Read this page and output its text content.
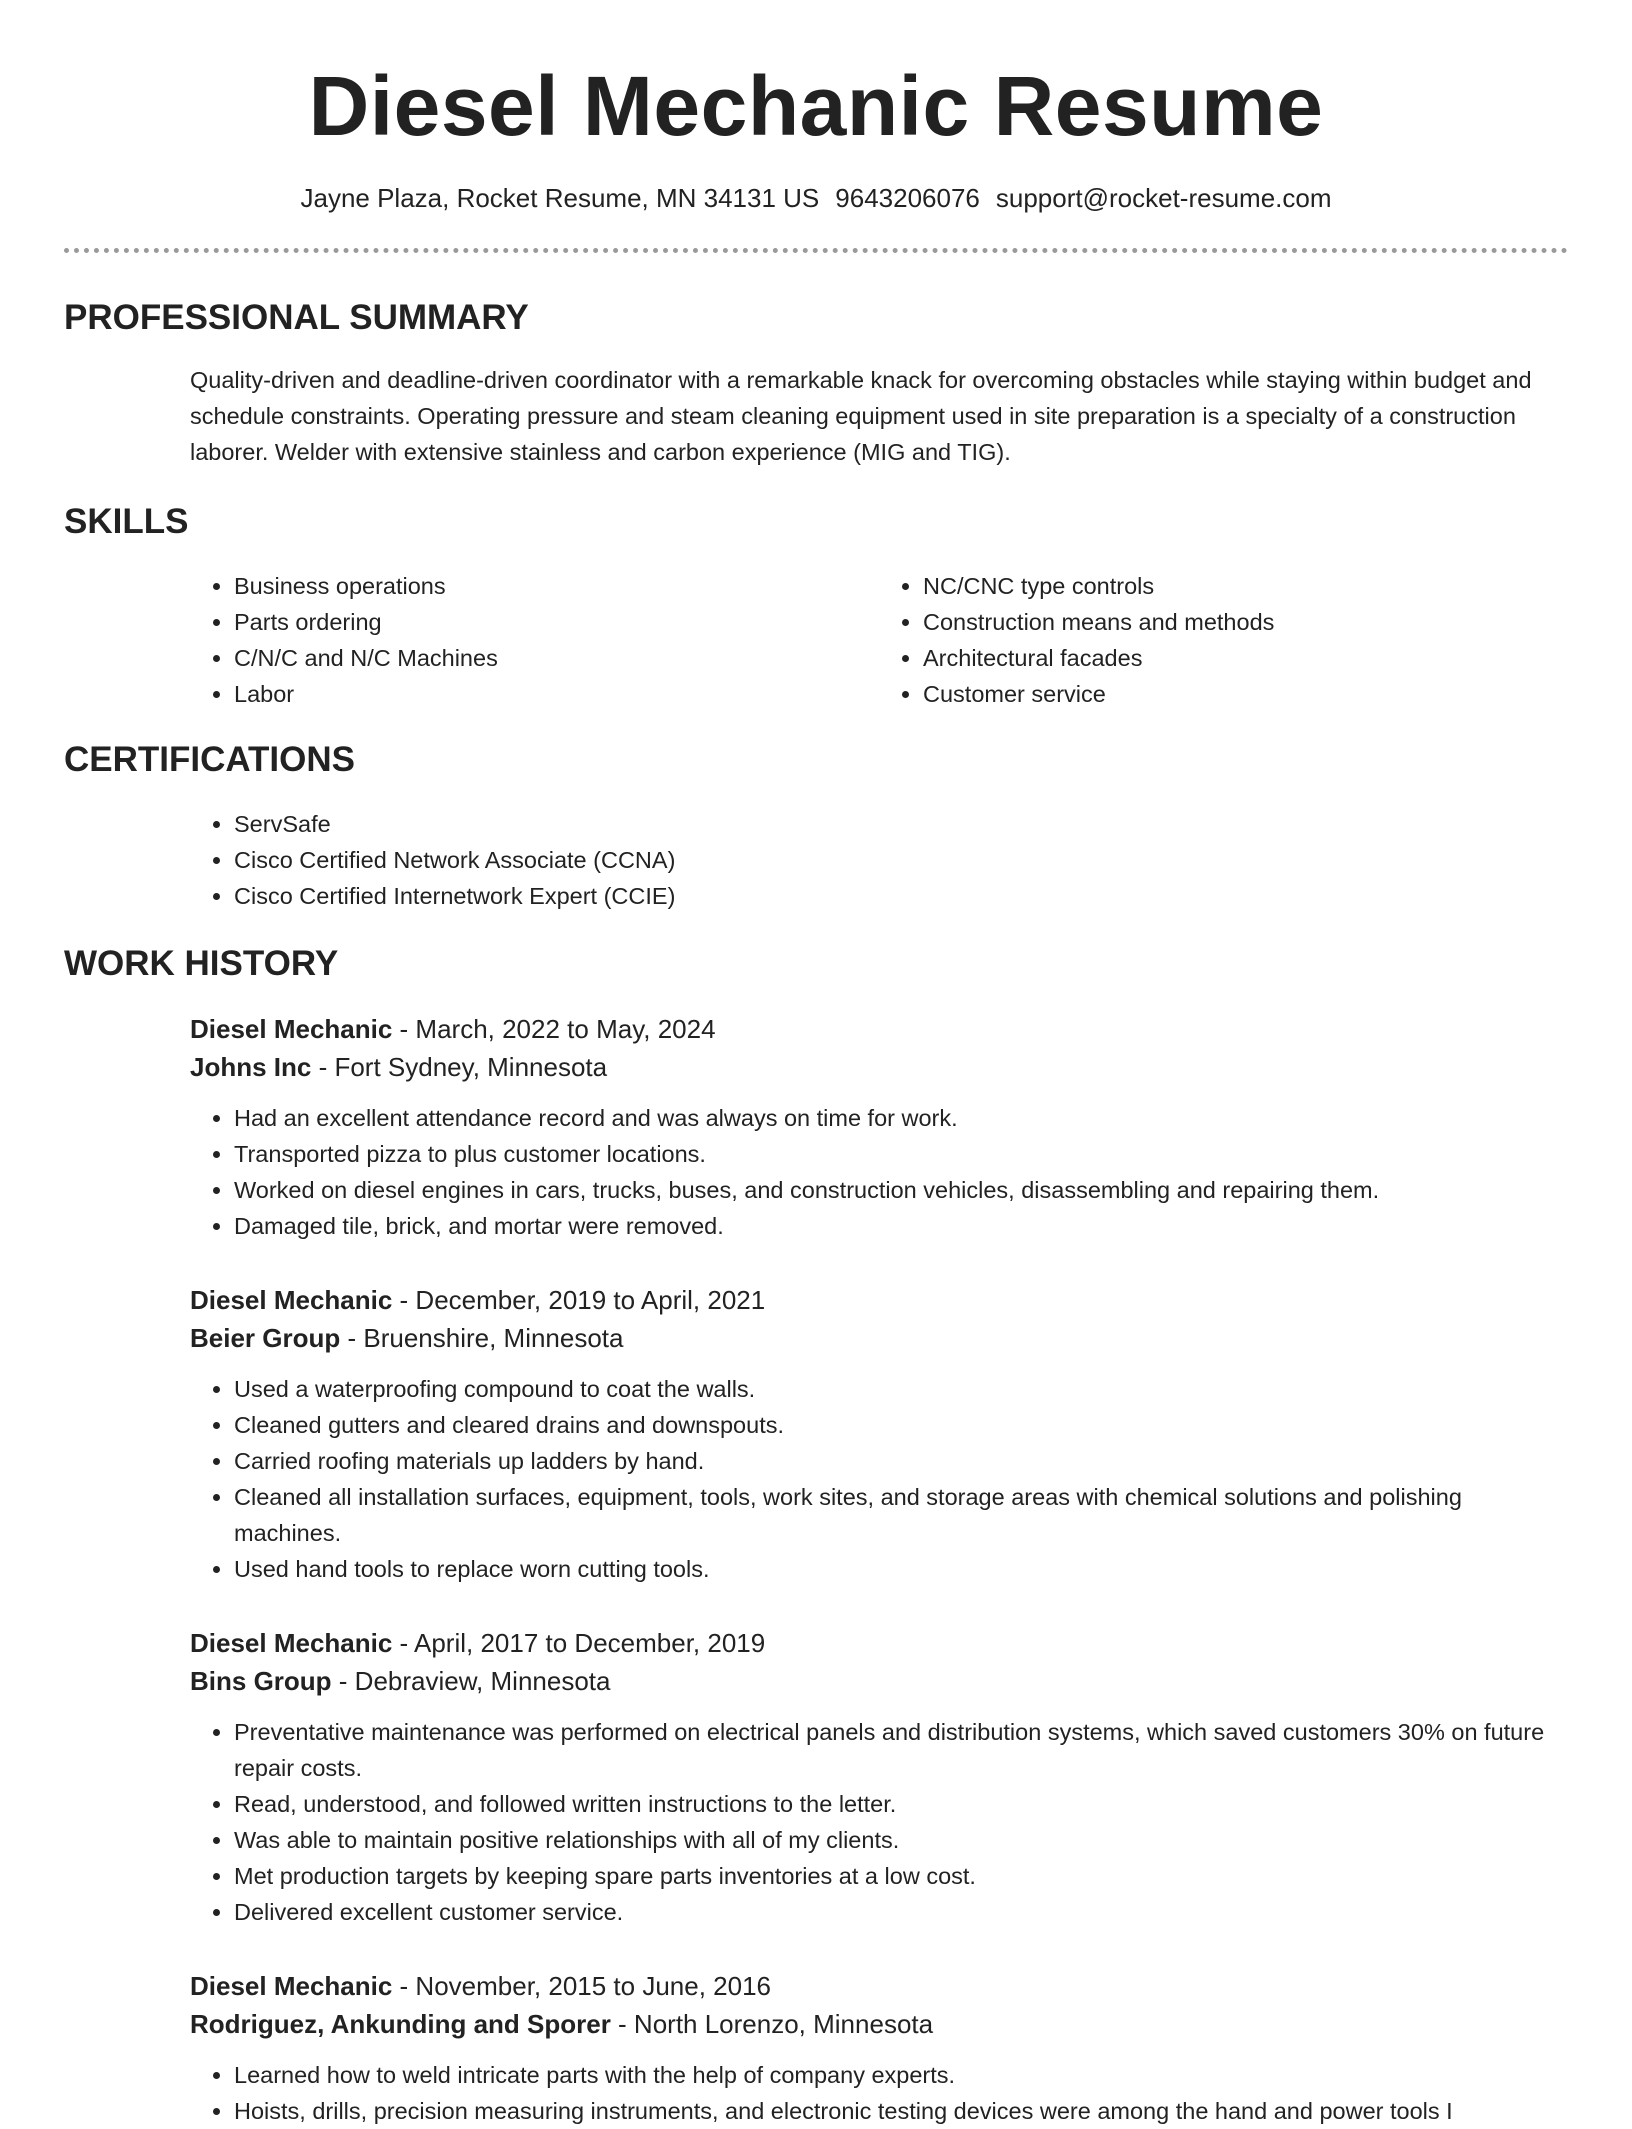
Diesel Mechanic Resume
Jayne Plaza, Rocket Resume, MN 34131 US 9643206076 support@rocket-resume.com
PROFESSIONAL SUMMARY

Quality-driven and deadline-driven coordinator with a remarkable knack for overcoming obstacles while staying within budget and schedule constraints. Operating pressure and steam cleaning equipment used in site preparation is a specialty of a construction laborer. Welder with extensive stainless and carbon experience (MIG and TIG).

SKILLS
• Business operations
• Parts ordering
• C/N/C and N/C Machines
• Labor
• NC/CNC type controls
• Construction means and methods
• Architectural facades
• Customer service
CERTIFICATIONS
• ServSafe
• Cisco Certified Network Associate (CCNA)
• Cisco Certified Internetwork Expert (CCIE)
WORK HISTORY
Diesel Mechanic - March, 2022 to May, 2024
Johns Inc - Fort Sydney, Minnesota
• Had an excellent attendance record and was always on time for work.
• Transported pizza to plus customer locations.
• Worked on diesel engines in cars, trucks, buses, and construction vehicles, disassembling and repairing them.
• Damaged tile, brick, and mortar were removed.
Diesel Mechanic - December, 2019 to April, 2021
Beier Group - Bruenshire, Minnesota
• Used a waterproofing compound to coat the walls.
• Cleaned gutters and cleared drains and downspouts.
• Carried roofing materials up ladders by hand.
• Cleaned all installation surfaces, equipment, tools, work sites, and storage areas with chemical solutions and polishing machines.
• Used hand tools to replace worn cutting tools.
Diesel Mechanic - April, 2017 to December, 2019
Bins Group - Debraview, Minnesota
• Preventative maintenance was performed on electrical panels and distribution systems, which saved customers 30% on future repair costs.
• Read, understood, and followed written instructions to the letter.
• Was able to maintain positive relationships with all of my clients.
• Met production targets by keeping spare parts inventories at a low cost.
• Delivered excellent customer service.
Diesel Mechanic - November, 2015 to June, 2016
Rodriguez, Ankunding and Sporer - North Lorenzo, Minnesota
• Learned how to weld intricate parts with the help of company experts.
• Hoists, drills, precision measuring instruments, and electronic testing devices were among the hand and power tools I
